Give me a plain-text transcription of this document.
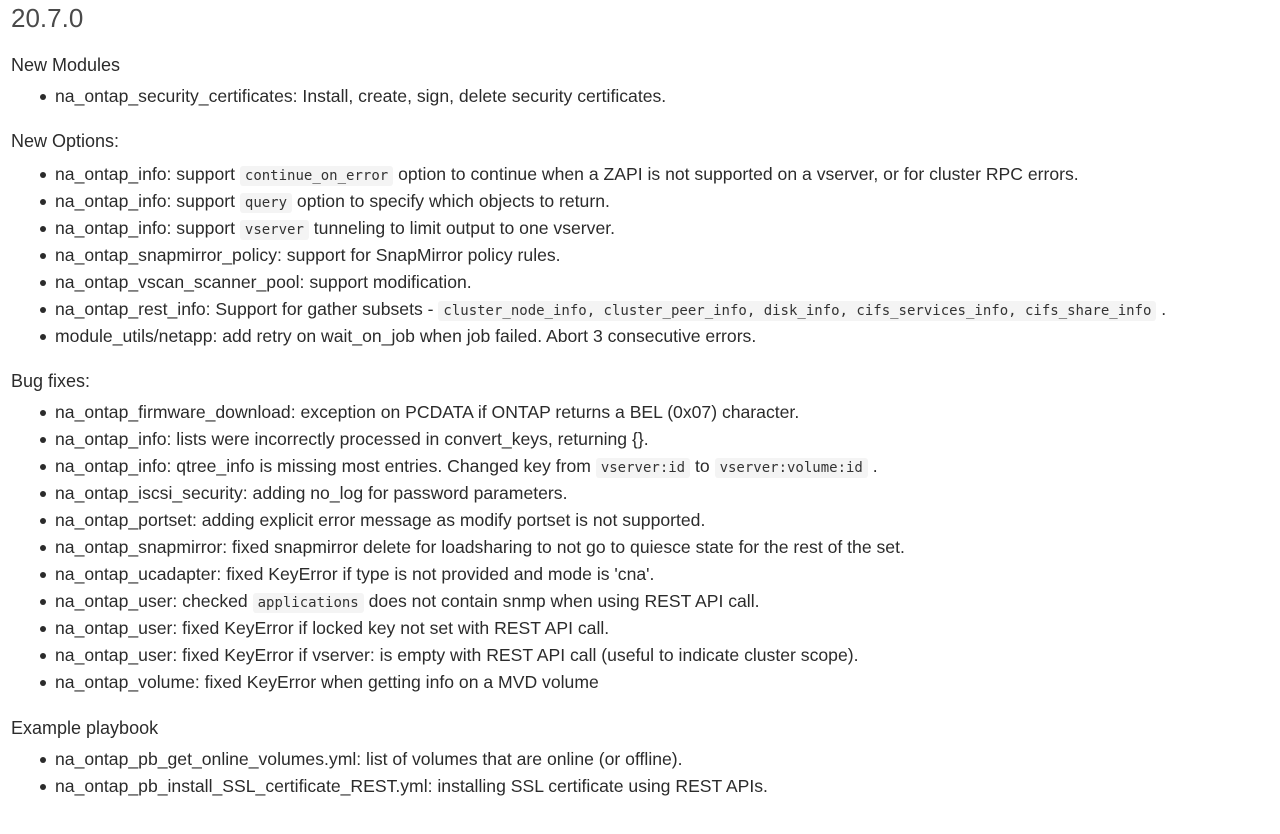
20.7.0
New Modules
na_ontap_security_certificates: Install, create, sign, delete security certificates.
New Options:
na_ontap_info: support continue_on_error option to continue when a ZAPI is not supported on a vserver, or for cluster RPC errors.
na_ontap_info: support query option to specify which objects to return.
na_ontap_info: support vserver tunneling to limit output to one vserver.
na_ontap_snapmirror_policy: support for SnapMirror policy rules.
na_ontap_vscan_scanner_pool: support modification.
na_ontap_rest_info: Support for gather subsets - cluster_node_info, cluster_peer_info, disk_info, cifs_services_info, cifs_share_info .
module_utils/netapp: add retry on wait_on_job when job failed. Abort 3 consecutive errors.
Bug fixes:
na_ontap_firmware_download: exception on PCDATA if ONTAP returns a BEL (0x07) character.
na_ontap_info: lists were incorrectly processed in convert_keys, returning {}.
na_ontap_info: qtree_info is missing most entries. Changed key from vserver:id to vserver:volume:id .
na_ontap_iscsi_security: adding no_log for password parameters.
na_ontap_portset: adding explicit error message as modify portset is not supported.
na_ontap_snapmirror: fixed snapmirror delete for loadsharing to not go to quiesce state for the rest of the set.
na_ontap_ucadapter: fixed KeyError if type is not provided and mode is 'cna'.
na_ontap_user: checked applications does not contain snmp when using REST API call.
na_ontap_user: fixed KeyError if locked key not set with REST API call.
na_ontap_user: fixed KeyError if vserver: is empty with REST API call (useful to indicate cluster scope).
na_ontap_volume: fixed KeyError when getting info on a MVD volume
Example playbook
na_ontap_pb_get_online_volumes.yml: list of volumes that are online (or offline).
na_ontap_pb_install_SSL_certificate_REST.yml: installing SSL certificate using REST APIs.
